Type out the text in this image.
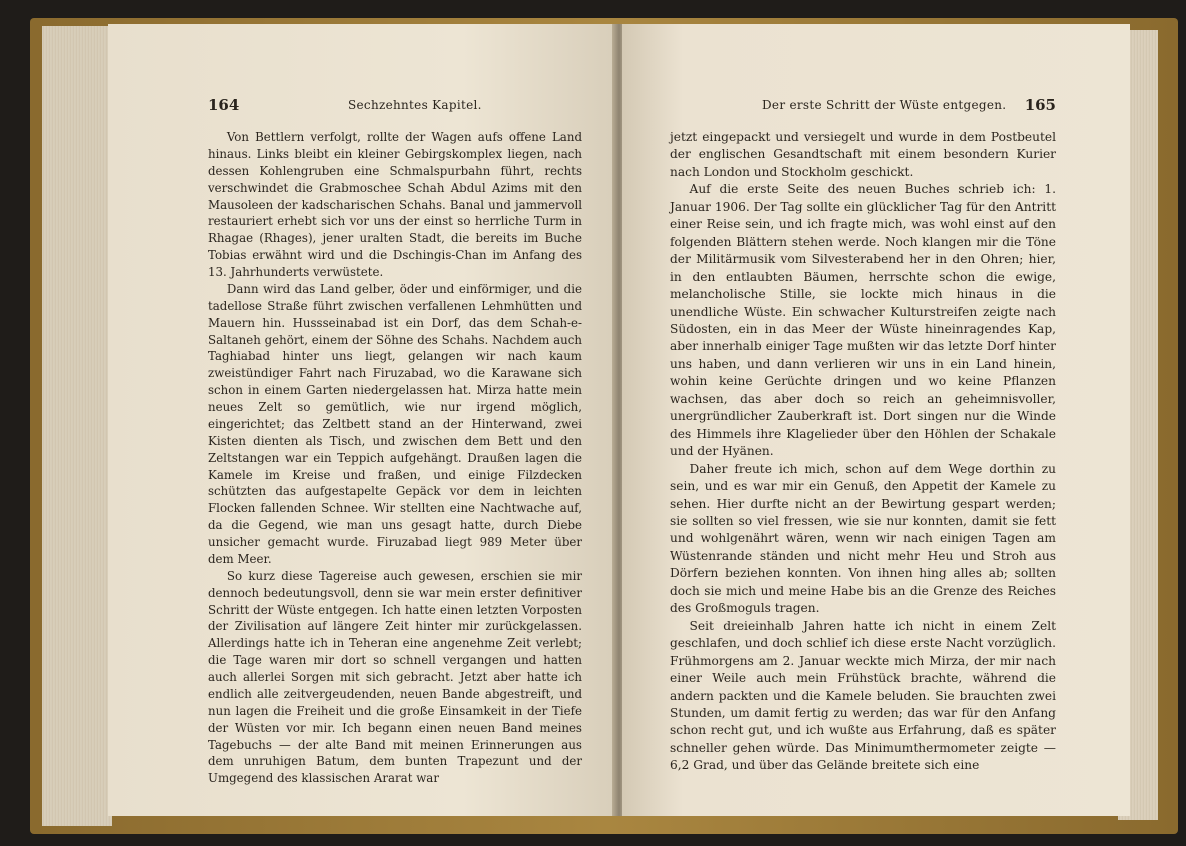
164	Sechzehntes Kapitel.

Von Bettlern verfolgt, rollte der Wagen aufs offene Land hinaus. Links bleibt ein kleiner Gebirgskomplex liegen, nach dessen Kohlengruben eine Schmalspurbahn führt, rechts verschwindet die Grabmoschee Schah Abdul Azims mit den Mausoleen der kadscharischen Schahs. Banal und jammervoll restauriert erhebt sich vor uns der einst so herrliche Turm in Rhagae (Rhages), jener uralten Stadt, die bereits im Buche Tobias erwähnt wird und die Dschingis-Chan im Anfang des 13. Jahrhunderts verwüstete.

Dann wird das Land gelber, öder und einförmiger, und die tadellose Straße führt zwischen verfallenen Lehmhütten und Mauern hin. Hussseinabad ist ein Dorf, das dem Schah-e-Saltaneh gehört, einem der Söhne des Schahs. Nachdem auch Taghiabad hinter uns liegt, gelangen wir nach kaum zweistündiger Fahrt nach Firuzabad, wo die Karawane sich schon in einem Garten niedergelassen hat. Mirza hatte mein neues Zelt so gemütlich, wie nur irgend möglich, eingerichtet; das Zeltbett stand an der Hinterwand, zwei Kisten dienten als Tisch, und zwischen dem Bett und den Zeltstangen war ein Teppich aufgehängt. Draußen lagen die Kamele im Kreise und fraßen, und einige Filzdecken schützten das aufgestapelte Gepäck vor dem in leichten Flocken fallenden Schnee. Wir stellten eine Nachtwache auf, da die Gegend, wie man uns gesagt hatte, durch Diebe unsicher gemacht wurde. Firuzabad liegt 989 Meter über dem Meer.

So kurz diese Tagereise auch gewesen, erschien sie mir dennoch bedeutungsvoll, denn sie war mein erster definitiver Schritt der Wüste entgegen. Ich hatte einen letzten Vorposten der Zivilisation auf längere Zeit hinter mir zurückgelassen. Allerdings hatte ich in Teheran eine angenehme Zeit verlebt; die Tage waren mir dort so schnell vergangen und hatten auch allerlei Sorgen mit sich gebracht. Jetzt aber hatte ich endlich alle zeitvergeudenden, neuen Bande abgestreift, und nun lagen die Freiheit und die große Einsamkeit in der Tiefe der Wüsten vor mir. Ich begann einen neuen Band meines Tagebuchs — der alte Band mit meinen Erinnerungen aus dem unruhigen Batum, dem bunten Trapezunt und der Umgegend des klassischen Ararat war

Der erste Schritt der Wüste entgegen. 165

jetzt eingepackt und versiegelt und wurde in dem Postbeutel der englischen Gesandtschaft mit einem besondern Kurier nach London und Stockholm geschickt.

Auf die erste Seite des neuen Buches schrieb ich: 1. Januar 1906. Der Tag sollte ein glücklicher Tag für den Antritt einer Reise sein, und ich fragte mich, was wohl einst auf den folgenden Blättern stehen werde. Noch klangen mir die Töne der Militärmusik vom Silvesterabend her in den Ohren; hier, in den entlaubten Bäumen, herrschte schon die ewige, melancholische Stille, sie lockte mich hinaus in die unendliche Wüste. Ein schwacher Kulturstreifen zeigte nach Südosten, ein in das Meer der Wüste hineinragendes Kap, aber innerhalb einiger Tage mußten wir das letzte Dorf hinter uns haben, und dann verlieren wir uns in ein Land hinein, wohin keine Gerüchte dringen und wo keine Pflanzen wachsen, das aber doch so reich an geheimnisvoller, unergründlicher Zauberkraft ist. Dort singen nur die Winde des Himmels ihre Klagelieder über den Höhlen der Schakale und der Hyänen.

Daher freute ich mich, schon auf dem Wege dorthin zu sein, und es war mir ein Genuß, den Appetit der Kamele zu sehen. Hier durfte nicht an der Bewirtung gespart werden; sie sollten so viel fressen, wie sie nur konnten, damit sie fett und wohlgenährt wären, wenn wir nach einigen Tagen am Wüstenrande ständen und nicht mehr Heu und Stroh aus Dörfern beziehen konnten. Von ihnen hing alles ab; sollten doch sie mich und meine Habe bis an die Grenze des Reiches des Großmoguls tragen.

Seit dreieinhalb Jahren hatte ich nicht in einem Zelt geschlafen, und doch schlief ich diese erste Nacht vorzüglich. Frühmorgens am 2. Januar weckte mich Mirza, der mir nach einer Weile auch mein Frühstück brachte, während die andern packten und die Kamele beluden. Sie brauchten zwei Stunden, um damit fertig zu werden; das war für den Anfang schon recht gut, und ich wußte aus Erfahrung, daß es später schneller gehen würde. Das Minimumthermometer zeigte —6,2 Grad, und über das Gelände breitete sich eine
